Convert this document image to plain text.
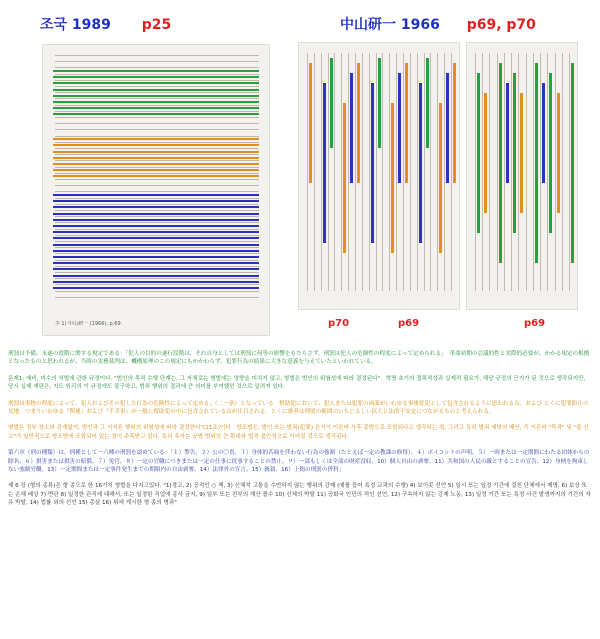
조국 1989 p25	中山研一 1966 p69, p70
주 1) 中山研一 (1966), p.69.	p70	p69	p69

刑罰は予備、未遂の段階に関する規定である：「犯人の目的の遂行段階は、それ自身としては刑罰に何等の影響をもたらさず、刑罰は犯人の危険性の程度によって定められる」　革命初期の会議的性と実際的必要が、かかる規定の根拠となったものと思われるが、当時の実務裁判は、機構原理のこの規定にもかかわらず、犯罪行為の結果に大きな意義を与えていたといわれている。

문제1: 예비, 미수의 처벌에 관한 규정이다. "범인의 목적 수행 단계는, 그 자체로는 형벌에는 영향을 미치지 않고, 형벌은 범인의 위험성에 따라 결정된다"　혁명 초기의 절목적성과 실제적 필요가, 해당 규정의 근거가 된 것으로 생각되지만, 당시 실제 재판은, 지도 원리의 이 규정에도 불구하고, 범죄 행위의 결과에 큰 의미를 부여했던 것으로 알려져 있다.

刑罰は事物の程度によって、犯人およびその犯した行為の危険性によって定める」（二一条）となっている　幇助犯において、犯人または犯罪の両面がいわゆる事後従犯として包含されるように思われる点、および とくに犯罪防止の見地　つまりいわゆる『関連』および『不幸事』が一般に幇助犯の中に包含されている点が注目される。とくに後者は刑罰の範囲のいちじるしい拡大と法的不安定につながるものと考えられる。

형벌은 정부 장소와 관계없이, 범인과 그 저지른 행위의 위험성에 따라 결정한다"(21조)이다　방조범은, 범인 또는 범죄(犯罪) 온식이 이른바 사후 종범으로 포함되다고 생각되는 점, 그리고 특히 범죄 예방의 때안, 즉 이른바 "묵과" 및 "불 신고"가 일반적으로 방조범에 포함되어 있는 점이 주목받고 있다. 특히 후자는 공범 범위의 큰 확대와 법적 불안정으로 이어질 것으로 생각된다.

第六章（刑の種類）は、刑種として一六種の刑罰を認めている：「１）警告、２）公の〇責、３）身体的苦痛を伴わない行為の強制（たとえば一定の教課の修得）、４）ボイコットの声明、５）一時または一定期間にわたる団体からの除名、６）損害または損害の賠償、７）免官、８）一定の官職につきまたは一定の仕事に従事することの禁止、９）一部もしくは全部の財産没収、10）個人自由の剥奪、11）共和国の人民の敵とすることの宣告、12）身柄を拘束しない強制労働、13）一定期間または一定事件発生までの期限内の自由剥奪、14）法律外の宣言、15）銃殺、16）上掲の刑罰の併科」

제 6 장 (형의 종류)은 형 종으로 한 16가지 형벌을 다지고있다. "1)경고, 2) 공적인 ○ 책, 3) 신체적 고통을 수반하지 않는 행위의 강제 (예를 들어 특정 교과의 수행) 4) 보이콧 선언 5) 일시 또는 일정 기간에 걸친 단체에서 제명, 6) 보상 또는 손해 배상 7) 면관 8) 일정한 관직에 대해서, 또는 일정한 직업에 종사 금지, 9) 일부 또는 전부의 재산 몰수 10) 신체의 박탈 11) 공화국 인민의 적인 선언, 12) 구속하지 않는 강제 노동, 13) 일정 기간 또는 특정 사건 발생까지의 기간의 자유 박탈, 14) 법률 외의 선언 15) 총살 16) 위에 게시한 형 종의 병과"
